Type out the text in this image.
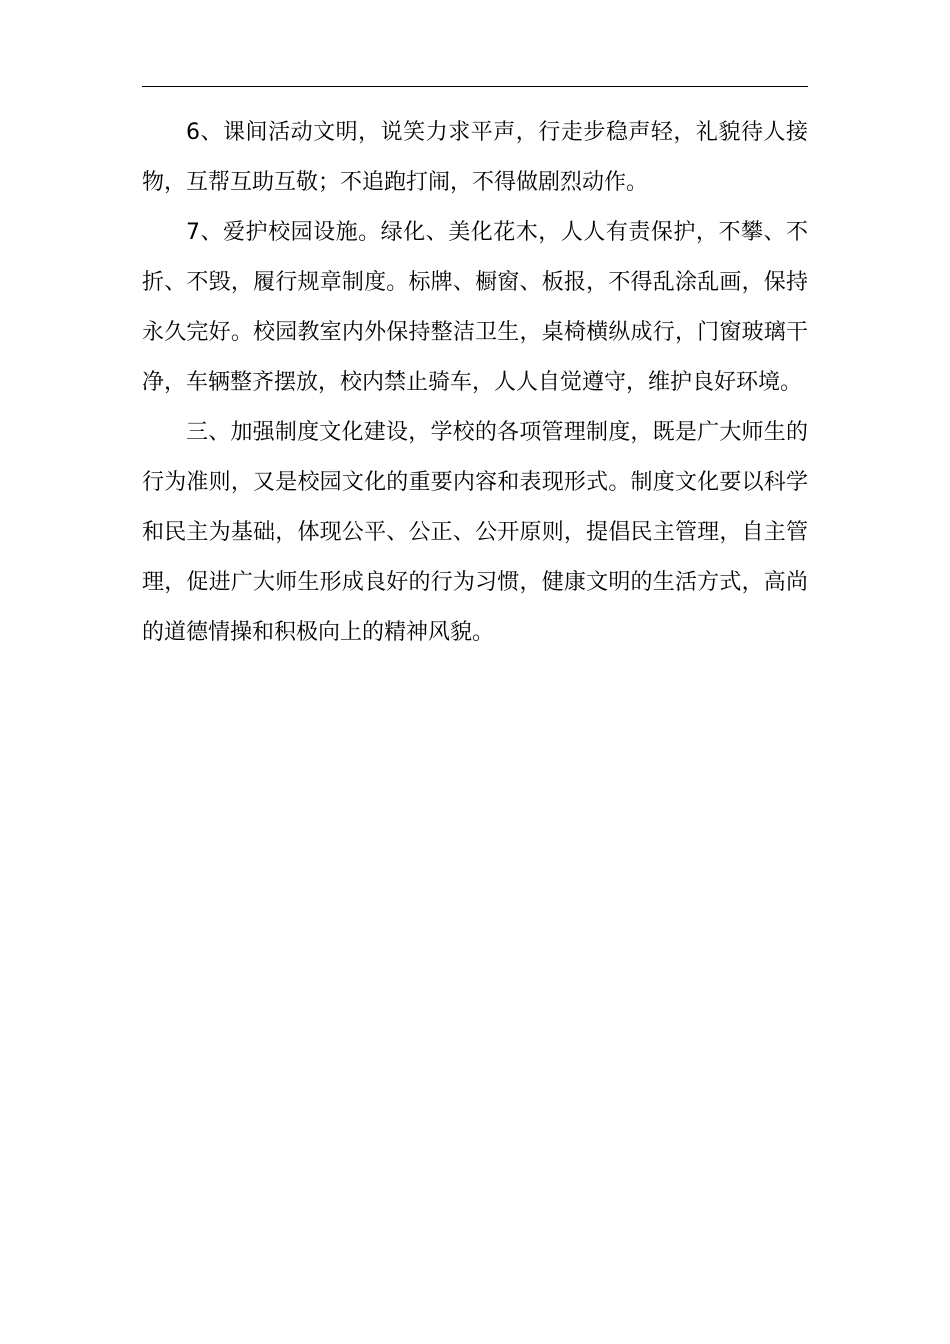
6、课间活动文明，说笑力求平声，行走步稳声轻，礼貌待人接物，互帮互助互敬；不追跑打闹，不得做剧烈动作。

7、爱护校园设施。绿化、美化花木，人人有责保护，不攀、不折、不毁，履行规章制度。标牌、橱窗、板报，不得乱涂乱画，保持永久完好。校园教室内外保持整洁卫生，桌椅横纵成行，门窗玻璃干净，车辆整齐摆放，校内禁止骑车，人人自觉遵守，维护良好环境。

三、加强制度文化建设，学校的各项管理制度，既是广大师生的行为准则，又是校园文化的重要内容和表现形式。制度文化要以科学和民主为基础，体现公平、公正、公开原则，提倡民主管理，自主管理，促进广大师生形成良好的行为习惯，健康文明的生活方式，高尚的道德情操和积极向上的精神风貌。
